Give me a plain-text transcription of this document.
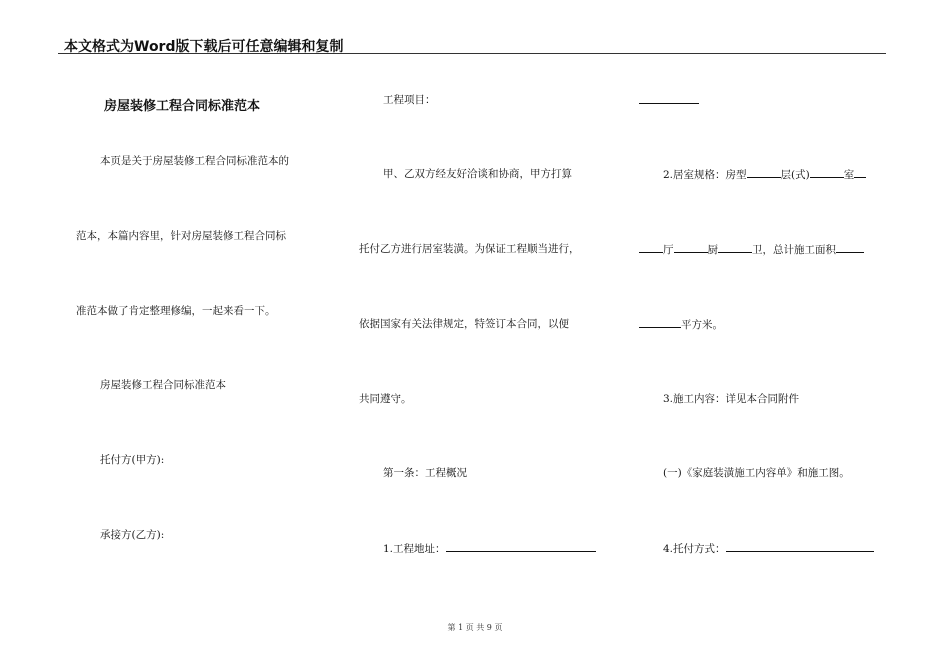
本文格式为Word版下载后可任意编辑和复制
房屋装修工程合同标准范本
本页是关于房屋装修工程合同标准范本的
范本，本篇内容里，针对房屋装修工程合同标
准范本做了肯定整理修编，一起来看一下。
房屋装修工程合同标准范本
托付方(甲方):
承接方(乙方):
工程项目：
甲、乙双方经友好洽谈和协商，甲方打算
托付乙方进行居室装潢。为保证工程顺当进行，
依据国家有关法律规定，特签订本合同，以便
共同遵守。
第一条：工程概况
1.工程地址：
2.居室规格：房型	层(式)	室
厅	厨	卫，总计施工面积
平方米。
3.施工内容：详见本合同附件
(一)《家庭装潢施工内容单》和施工图。
4.托付方式：
第 1 页 共 9 页
